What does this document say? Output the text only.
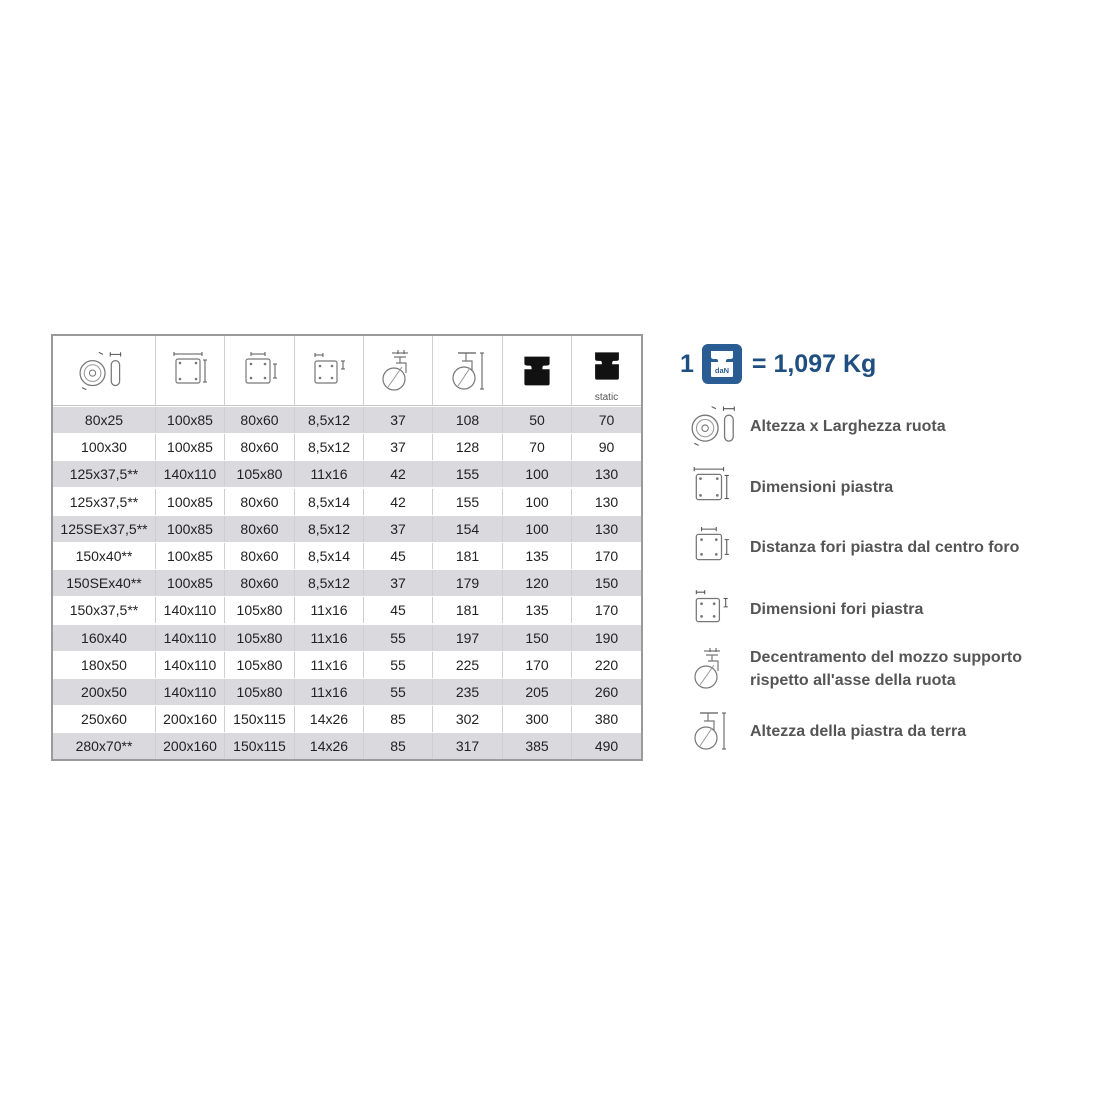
static
80x25	100x85	80x60	8,5x12	37	108	50	70
100x30	100x85	80x60	8,5x12	37	128	70	90
125x37,5**	140x110	105x80	11x16	42	155	100	130
125x37,5**	100x85	80x60	8,5x14	42	155	100	130
125SEx37,5**	100x85	80x60	8,5x12	37	154	100	130
150x40**	100x85	80x60	8,5x14	45	181	135	170
150SEx40**	100x85	80x60	8,5x12	37	179	120	150
150x37,5**	140x110	105x80	11x16	45	181	135	170
160x40	140x110	105x80	11x16	55	197	150	190
180x50	140x110	105x80	11x16	55	225	170	220
200x50	140x110	105x80	11x16	55	235	205	260
250x60	200x160	150x115	14x26	85	302	300	380
280x70**	200x160	150x115	14x26	85	317	385	490
1	daN = 1,097 Kg
Altezza x Larghezza ruota
Dimensioni piastra
Distanza fori piastra dal centro foro
Dimensioni fori piastra
Decentramento del mozzo supporto rispetto all'asse della ruota
Altezza della piastra da terra
